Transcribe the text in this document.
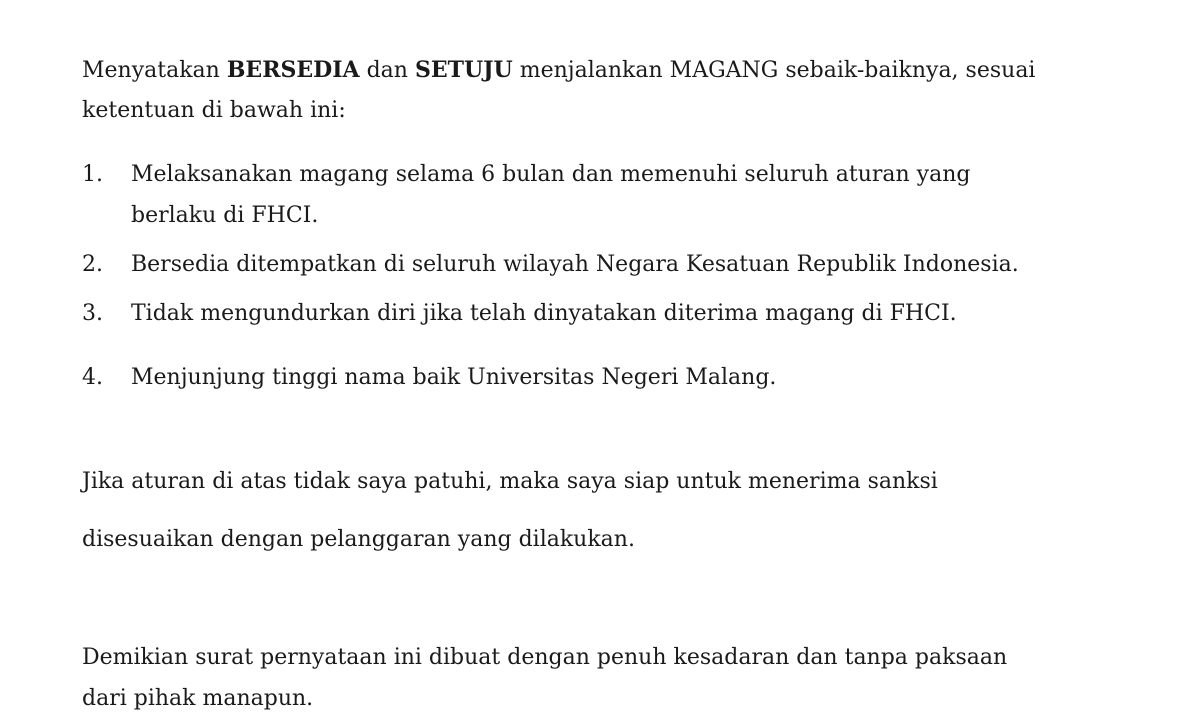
Menyatakan BERSEDIA dan SETUJU menjalankan MAGANG sebaik-baiknya, sesuai
ketentuan di bawah ini:
1. Melaksanakan magang selama 6 bulan dan memenuhi seluruh aturan yang
berlaku di FHCI.
2. Bersedia ditempatkan di seluruh wilayah Negara Kesatuan Republik Indonesia.
3. Tidak mengundurkan diri jika telah dinyatakan diterima magang di FHCI.
4. Menjunjung tinggi nama baik Universitas Negeri Malang.
Jika aturan di atas tidak saya patuhi, maka saya siap untuk menerima sanksi
disesuaikan dengan pelanggaran yang dilakukan.
Demikian surat pernyataan ini dibuat dengan penuh kesadaran dan tanpa paksaan
dari pihak manapun.
